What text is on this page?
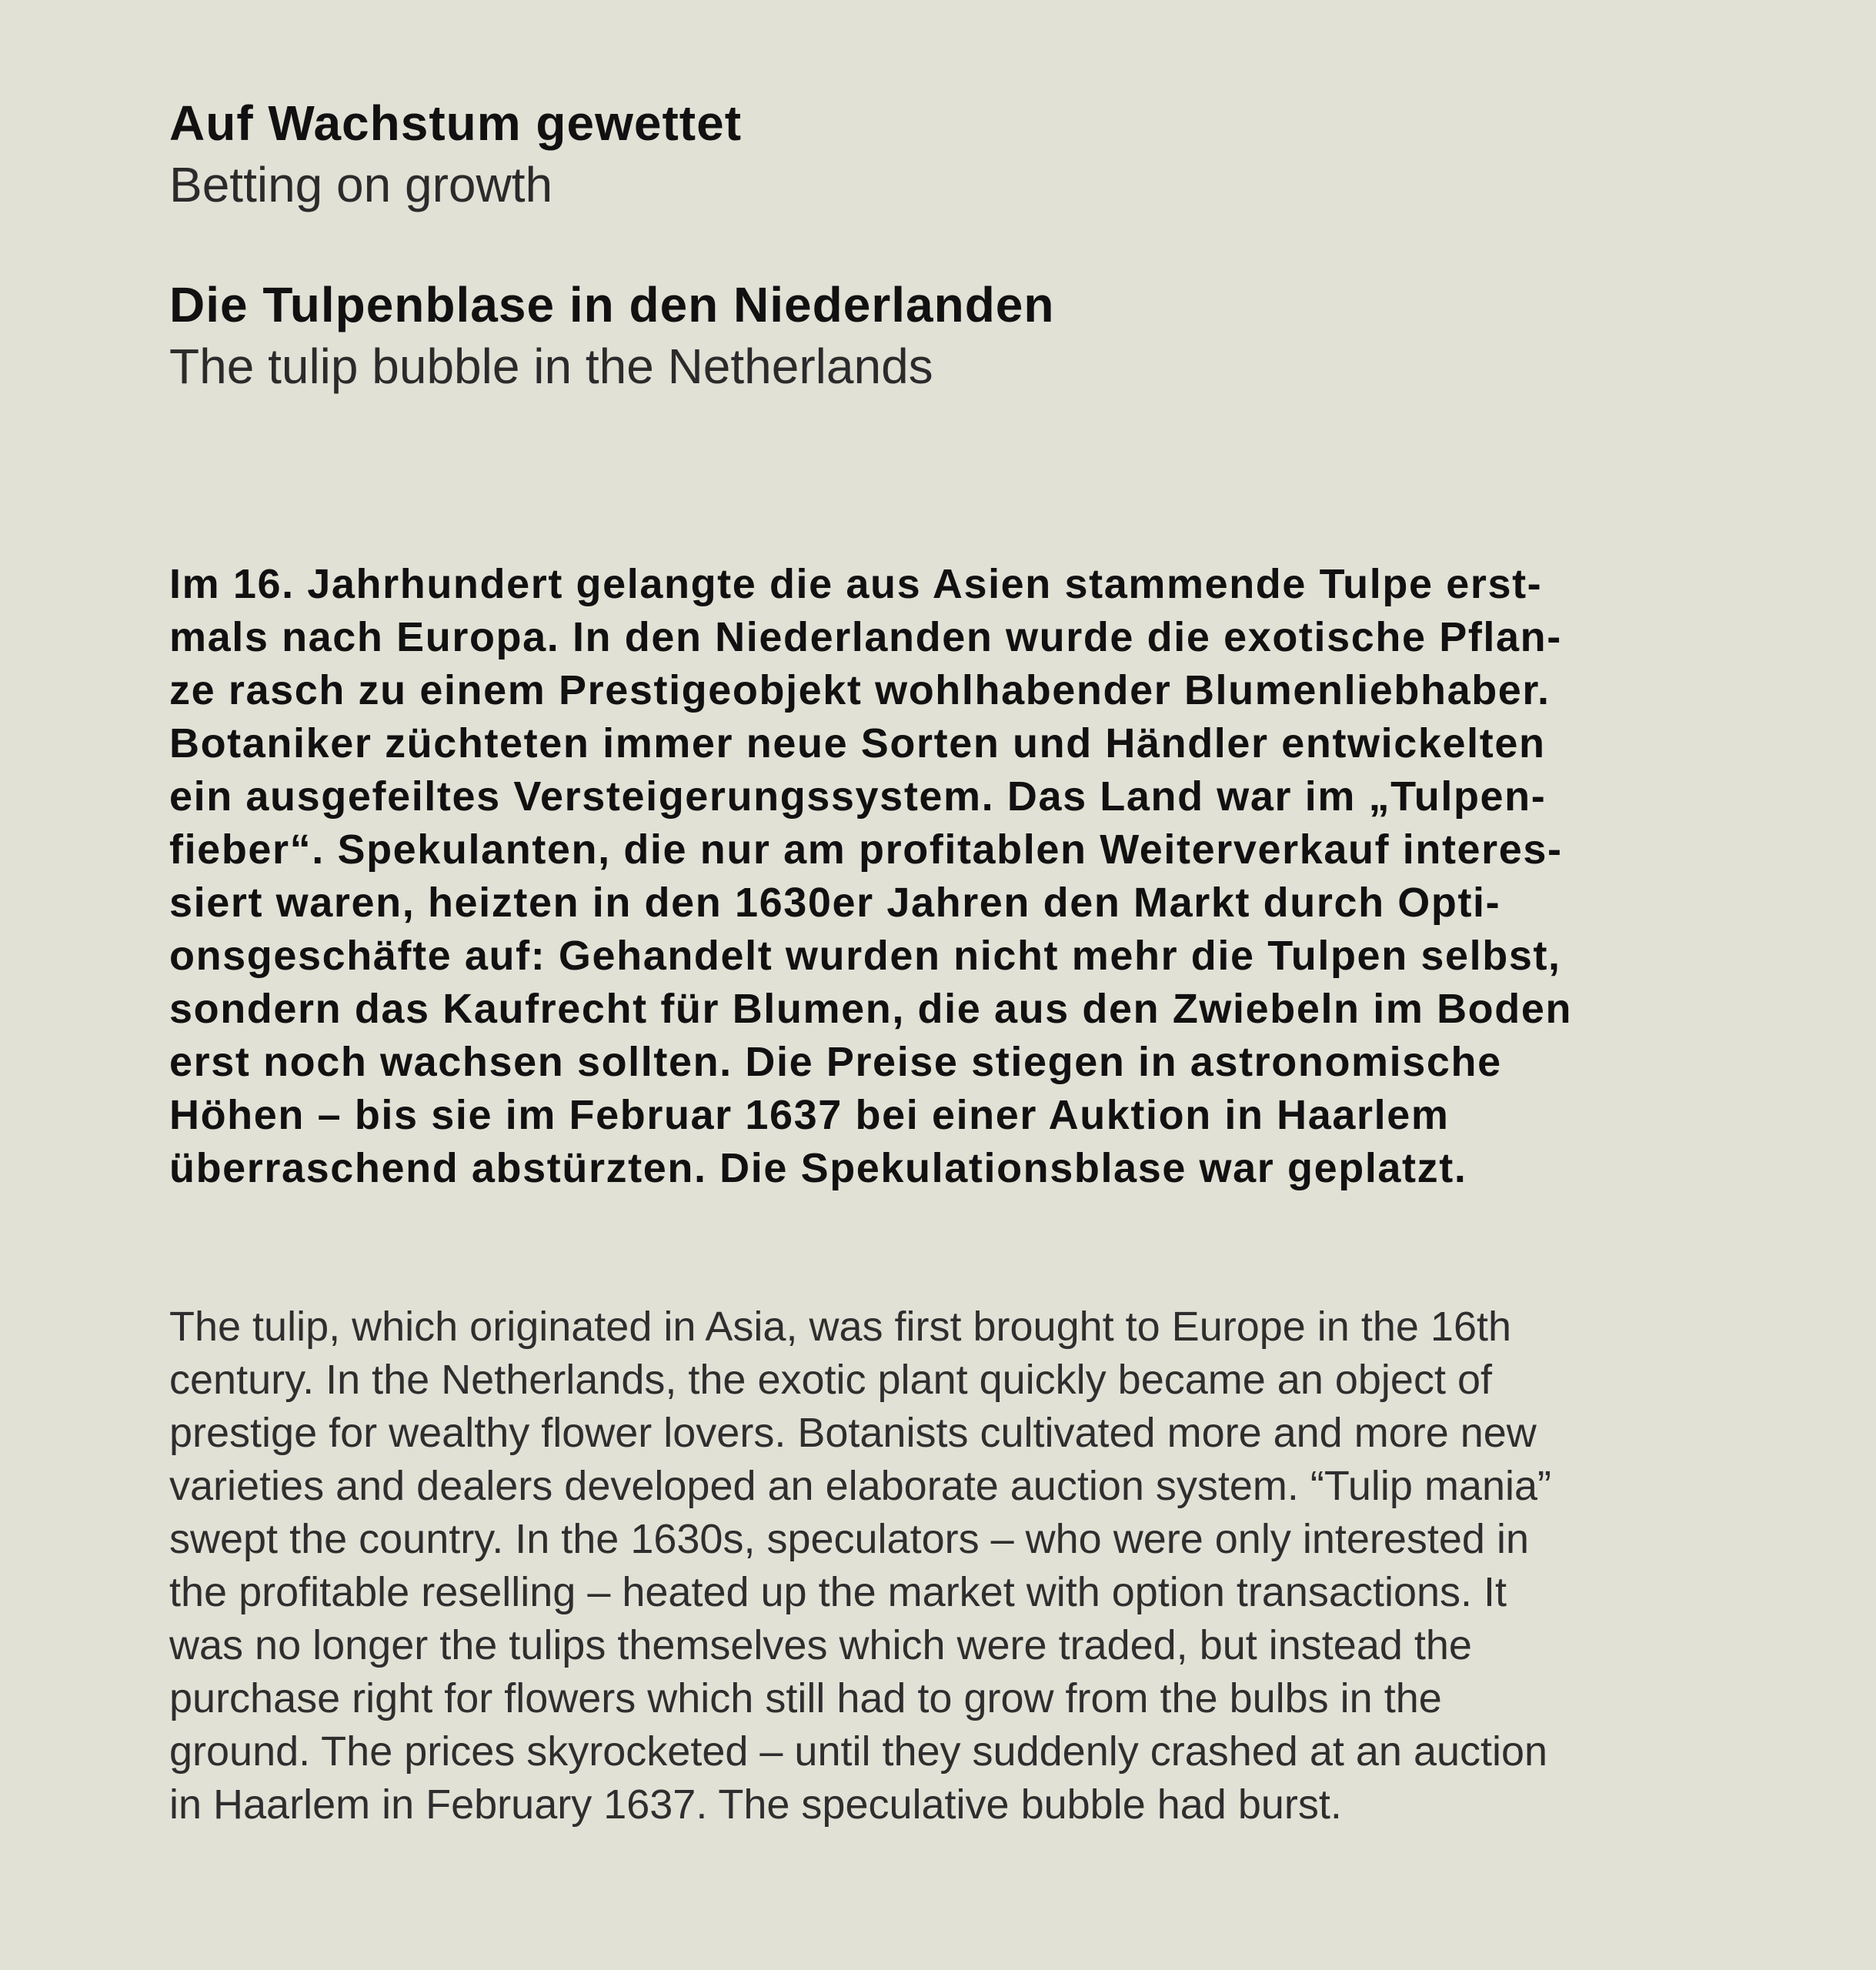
Auf Wachstum gewettet
Betting on growth
Die Tulpenblase in den Niederlanden
The tulip bubble in the Netherlands

Im 16. Jahrhundert gelangte die aus Asien stammende Tulpe erst-
mals nach Europa. In den Niederlanden wurde die exotische Pflan-
ze rasch zu einem Prestigeobjekt wohlhabender Blumenliebhaber.
Botaniker züchteten immer neue Sorten und Händler entwickelten
ein ausgefeiltes Versteigerungssystem. Das Land war im „Tulpen-
fieber“. Spekulanten, die nur am profitablen Weiterverkauf interes-
siert waren, heizten in den 1630er Jahren den Markt durch Opti-
onsgeschäfte auf: Gehandelt wurden nicht mehr die Tulpen selbst,
sondern das Kaufrecht für Blumen, die aus den Zwiebeln im Boden
erst noch wachsen sollten. Die Preise stiegen in astronomische
Höhen – bis sie im Februar 1637 bei einer Auktion in Haarlem
überraschend abstürzten. Die Spekulationsblase war geplatzt.

The tulip, which originated in Asia, was first brought to Europe in the 16th
century. In the Netherlands, the exotic plant quickly became an object of
prestige for wealthy flower lovers. Botanists cultivated more and more new
varieties and dealers developed an elaborate auction system. “Tulip mania”
swept the country. In the 1630s, speculators – who were only interested in
the profitable reselling – heated up the market with option transactions. It
was no longer the tulips themselves which were traded, but instead the
purchase right for flowers which still had to grow from the bulbs in the
ground. The prices skyrocketed – until they suddenly crashed at an auction
in Haarlem in February 1637. The speculative bubble had burst.
